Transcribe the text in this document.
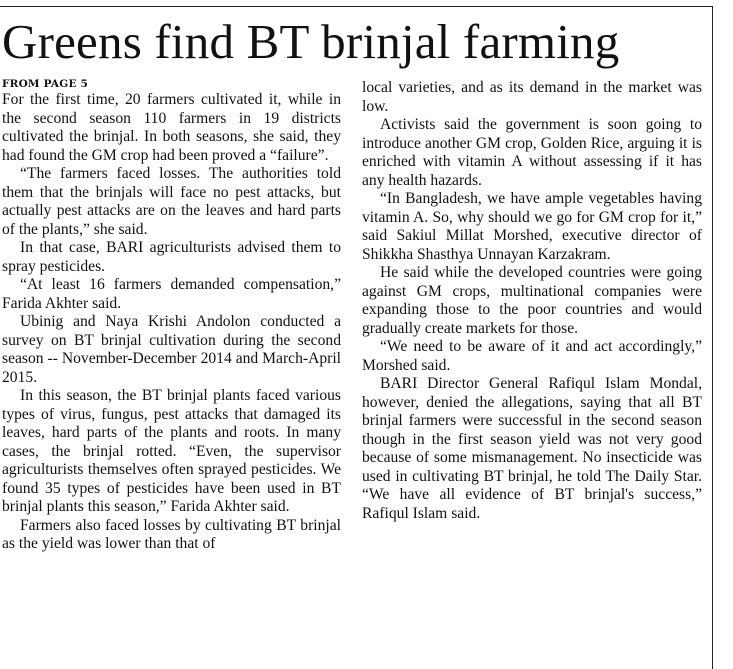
Greens find BT brinjal farming
FROM PAGE 5

For the first time, 20 farmers cultivated it, while in the second season 110 farmers in 19 districts cultivated the brinjal. In both seasons, she said, they had found the GM crop had been proved a “failure”.

“The farmers faced losses. The authorities told them that the brinjals will face no pest attacks, but actually pest attacks are on the leaves and hard parts of the plants,” she said.

In that case, BARI agriculturists advised them to spray pesticides.

“At least 16 farmers demanded compensation,” Farida Akhter said.

Ubinig and Naya Krishi Andolon conducted a survey on BT brinjal cultivation during the second season -- November-December 2014 and March-April 2015.

In this season, the BT brinjal plants faced various types of virus, fungus, pest attacks that damaged its leaves, hard parts of the plants and roots. In many cases, the brinjal rotted. “Even, the supervisor agriculturists themselves often sprayed pesticides. We found 35 types of pesticides have been used in BT brinjal plants this season,” Farida Akhter said.

Farmers also faced losses by cultivating BT brinjal as the yield was lower than that of

local varieties, and as its demand in the market was low.

Activists said the government is soon going to introduce another GM crop, Golden Rice, arguing it is enriched with vitamin A without assessing if it has any health hazards.

“In Bangladesh, we have ample vegetables having vitamin A. So, why should we go for GM crop for it,” said Sakiul Millat Morshed, executive director of Shikkha Shasthya Unnayan Karzakram.

He said while the developed countries were going against GM crops, multinational companies were expanding those to the poor countries and would gradually create markets for those.

“We need to be aware of it and act accordingly,” Morshed said.

BARI Director General Rafiqul Islam Mondal, however, denied the allegations, saying that all BT brinjal farmers were successful in the second season though in the first season yield was not very good because of some mismanagement. No insecticide was used in cultivating BT brinjal, he told The Daily Star. “We have all evidence of BT brinjal's success,” Rafiqul Islam said.
